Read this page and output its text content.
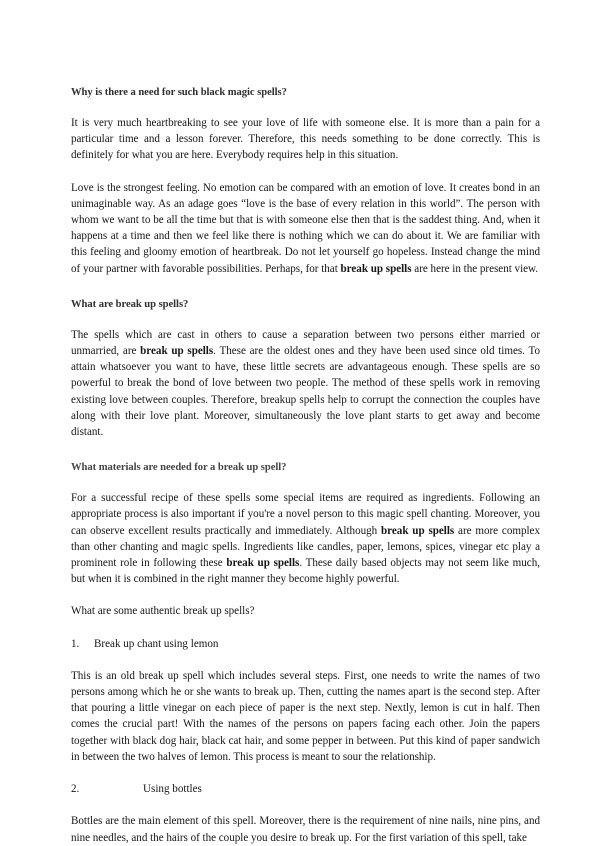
Why is there a need for such black magic spells?

It is very much heartbreaking to see your love of life with someone else. It is more than a pain for a particular time and a lesson forever. Therefore, this needs something to be done correctly. This is definitely for what you are here. Everybody requires help in this situation.

Love is the strongest feeling. No emotion can be compared with an emotion of love. It creates bond in an unimaginable way. As an adage goes “love is the base of every relation in this world”. The person with whom we want to be all the time but that is with someone else then that is the saddest thing. And, when it happens at a time and then we feel like there is nothing which we can do about it. We are familiar with this feeling and gloomy emotion of heartbreak. Do not let yourself go hopeless. Instead change the mind of your partner with favorable possibilities. Perhaps, for that break up spells are here in the present view.

What are break up spells?

The spells which are cast in others to cause a separation between two persons either married or unmarried, are break up spells. These are the oldest ones and they have been used since old times. To attain whatsoever you want to have, these little secrets are advantageous enough. These spells are so powerful to break the bond of love between two people. The method of these spells work in removing existing love between couples. Therefore, breakup spells help to corrupt the connection the couples have along with their love plant. Moreover, simultaneously the love plant starts to get away and become distant.

What materials are needed for a break up spell?

For a successful recipe of these spells some special items are required as ingredients. Following an appropriate process is also important if you're a novel person to this magic spell chanting. Moreover, you can observe excellent results practically and immediately. Although break up spells are more complex than other chanting and magic spells. Ingredients like candles, paper, lemons, spices, vinegar etc play a prominent role in following these break up spells. These daily based objects may not seem like much, but when it is combined in the right manner they become highly powerful.

What are some authentic break up spells?

1.	Break up chant using lemon

This is an old break up spell which includes several steps. First, one needs to write the names of two persons among which he or she wants to break up. Then, cutting the names apart is the second step. After that pouring a little vinegar on each piece of paper is the next step. Nextly, lemon is cut in half. Then comes the crucial part! With the names of the persons on papers facing each other. Join the papers together with black dog hair, black cat hair, and some pepper in between. Put this kind of paper sandwich in between the two halves of lemon. This process is meant to sour the relationship.

2.	Using bottles

Bottles are the main element of this spell. Moreover, there is the requirement of nine nails, nine pins, and nine needles, and the hairs of the couple you desire to break up. For the first variation of this spell, take
